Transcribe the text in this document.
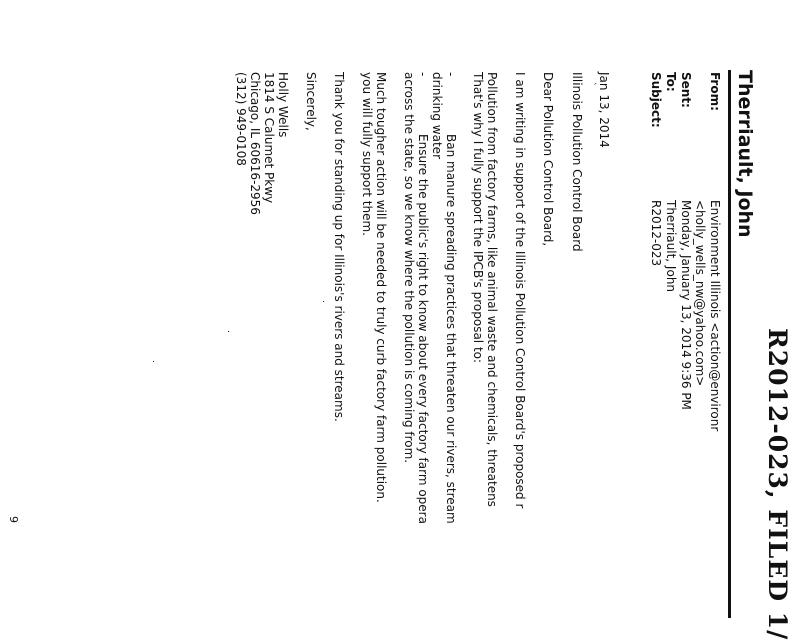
R2012-023, FILED 1/
Therriault, John
From:
Environment Illinois <action@environr
<holly_wells_nw@yahoo.com>
Sent:
Monday, January 13, 2014 9:36 PM
To:
Therriault, John
Subject:
R2012-023
Jan 13, 2014
`
Illinois Pollution Control Board
Dear Pollution Control Board,
I am writing in support of the Illinois Pollution Control Board's proposed r
Pollution from factory farms, like animal waste and chemicals, threatens
That's why I fully support the IPCB's proposal to:
-
Ban manure spreading practices that threaten our rivers, stream
drinking water
-
Ensure the public's right to know about every factory farm opera
across the state, so we know where the pollution is coming from.
Much tougher action will be needed to truly curb factory farm pollution.
you will fully support them.
Thank you for standing up for Illinois's rivers and streams.
Sincerely,
Holly Wells
1814 S Calumet Pkwy
Chicago, IL 60616-2956
(312) 949-0108
.
.
.
9
